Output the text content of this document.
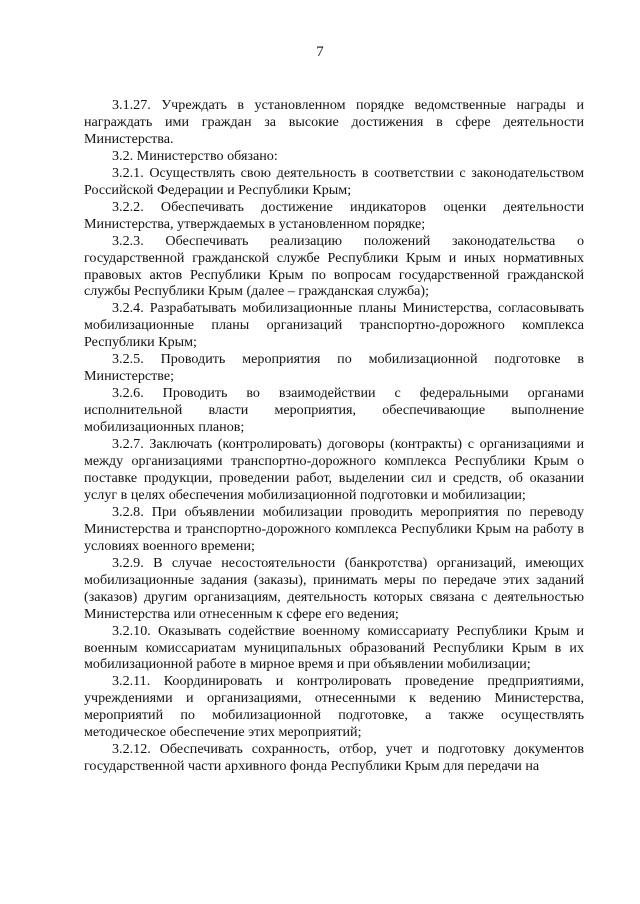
7

3.1.27. Учреждать в установленном порядке ведомственные награды и награждать ими граждан за высокие достижения в сфере деятельности Министерства.

3.2. Министерство обязано:

3.2.1. Осуществлять свою деятельность в соответствии с законодательством Российской Федерации и Республики Крым;

3.2.2. Обеспечивать достижение индикаторов оценки деятельности Министерства, утверждаемых в установленном порядке;

3.2.3. Обеспечивать реализацию положений законодательства о государственной гражданской службе Республики Крым и иных нормативных правовых актов Республики Крым по вопросам государственной гражданской службы Республики Крым (далее – гражданская служба);

3.2.4. Разрабатывать мобилизационные планы Министерства, согласовывать мобилизационные планы организаций транспортно-дорожного комплекса Республики Крым;

3.2.5. Проводить мероприятия по мобилизационной подготовке в Министерстве;

3.2.6. Проводить во взаимодействии с федеральными органами исполнительной власти мероприятия, обеспечивающие выполнение мобилизационных планов;

3.2.7. Заключать (контролировать) договоры (контракты) с организациями и между организациями транспортно-дорожного комплекса Республики Крым о поставке продукции, проведении работ, выделении сил и средств, об оказании услуг в целях обеспечения мобилизационной подготовки и мобилизации;

3.2.8. При объявлении мобилизации проводить мероприятия по переводу Министерства и транспортно-дорожного комплекса Республики Крым на работу в условиях военного времени;

3.2.9. В случае несостоятельности (банкротства) организаций, имеющих мобилизационные задания (заказы), принимать меры по передаче этих заданий (заказов) другим организациям, деятельность которых связана с деятельностью Министерства или отнесенным к сфере его ведения;

3.2.10. Оказывать содействие военному комиссариату Республики Крым и военным комиссариатам муниципальных образований Республики Крым в их мобилизационной работе в мирное время и при объявлении мобилизации;

3.2.11. Координировать и контролировать проведение предприятиями, учреждениями и организациями, отнесенными к ведению Министерства, мероприятий по мобилизационной подготовке, а также осуществлять методическое обеспечение этих мероприятий;

3.2.12. Обеспечивать сохранность, отбор, учет и подготовку документов государственной части архивного фонда Республики Крым для передачи на
